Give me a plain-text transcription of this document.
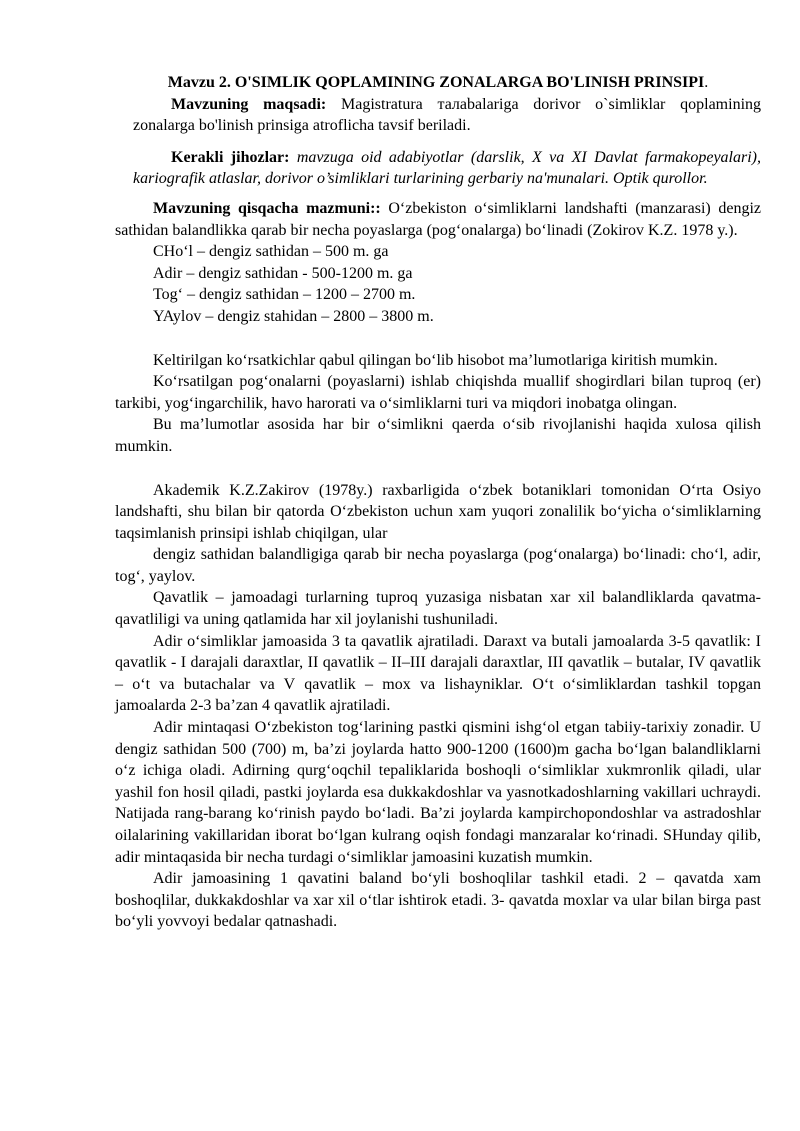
Mavzu 2. O'SIMLIK QOPLAMINING ZONALARGA BO'LINISH PRINSIPI.

Mavzuning maqsadi: Magistratura талabalariga dorivor o`simliklar qoplamining zonalarga bo'linish prinsiga atroflicha tavsif beriladi.

Kerakli jihozlar: mavzuga oid adabiyotlar (darslik, X va XI Davlat farmakopeyalari), kariografik atlaslar, dorivor o’simliklari turlarining gerbariy na'munalari. Optik qurollor.

Mavzuning qisqacha mazmuni:: O‘zbekiston o‘simliklarni landshafti (manzarasi) dengiz sathidan balandlikka qarab bir necha poyaslarga (pog‘onalarga) bo‘linadi (Zokirov K.Z. 1978 y.).

CHo‘l – dengiz sathidan – 500 m. ga

Adir – dengiz sathidan - 500-1200 m. ga

Tog‘ – dengiz sathidan – 1200 – 2700 m.

YAylov – dengiz stahidan – 2800 – 3800 m.

Keltirilgan ko‘rsatkichlar qabul qilingan bo‘lib hisobot ma’lumotlariga kiritish mumkin.

Ko‘rsatilgan pog‘onalarni (poyaslarni) ishlab chiqishda muallif shogirdlari bilan tuproq (er) tarkibi, yog‘ingarchilik, havo harorati va o‘simliklarni turi va miqdori inobatga olingan.

Bu ma’lumotlar asosida har bir o‘simlikni qaerda o‘sib rivojlanishi haqida xulosa qilish mumkin.

Akademik K.Z.Zakirov (1978y.) raxbarligida o‘zbek botaniklari tomonidan O‘rta Osiyo landshafti, shu bilan bir qatorda O‘zbekiston uchun xam yuqori zonalilik bo‘yicha o‘simliklarning taqsimlanish prinsipi ishlab chiqilgan, ular

dengiz sathidan balandligiga qarab bir necha poyaslarga (pog‘onalarga) bo‘linadi: cho‘l, adir, tog‘, yaylov.

Qavatlik – jamoadagi turlarning tuproq yuzasiga nisbatan xar xil balandliklarda qavatma-qavatliligi va uning qatlamida har xil joylanishi tushuniladi.

Adir o‘simliklar jamoasida 3 ta qavatlik ajratiladi. Daraxt va butali jamoalarda 3-5 qavatlik: I qavatlik - I darajali daraxtlar, II qavatlik – II–III darajali daraxtlar, III qavatlik – butalar, IV qavatlik – o‘t va butachalar va V qavatlik – mox va lishayniklar. O‘t o‘simliklardan tashkil topgan jamoalarda 2-3 ba’zan 4 qavatlik ajratiladi.

Adir mintaqasi O‘zbekiston tog‘larining pastki qismini ishg‘ol etgan tabiiy-tarixiy zonadir. U dengiz sathidan 500 (700) m, ba’zi joylarda hatto 900-1200 (1600)m gacha bo‘lgan balandliklarni o‘z ichiga oladi. Adirning qurg‘oqchil tepaliklarida boshoqli o‘simliklar xukmronlik qiladi, ular yashil fon hosil qiladi, pastki joylarda esa dukkakdoshlar va yasnotkadoshlarning vakillari uchraydi. Natijada rang-barang ko‘rinish paydo bo‘ladi. Ba’zi joylarda kampirchopondoshlar va astradoshlar oilalarining vakillaridan iborat bo‘lgan kulrang oqish fondagi manzaralar ko‘rinadi. SHunday qilib, adir mintaqasida bir necha turdagi o‘simliklar jamoasini kuzatish mumkin.

Adir jamoasining 1 qavatini baland bo‘yli boshoqlilar tashkil etadi. 2 – qavatda xam boshoqlilar, dukkakdoshlar va xar xil o‘tlar ishtirok etadi. 3- qavatda moxlar va ular bilan birga past bo‘yli yovvoyi bedalar qatnashadi.
